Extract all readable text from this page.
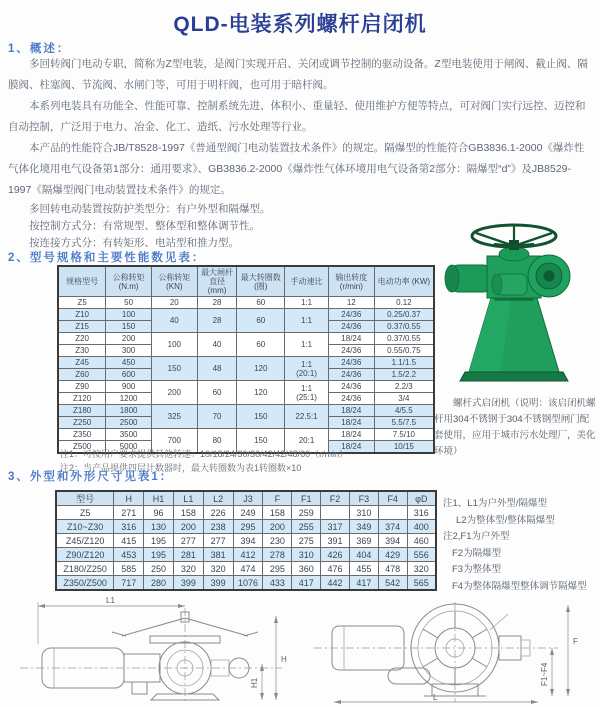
QLD-电装系列螺杆启闭机
1、概述：

多回转阀门电动专职，简称为Z型电装，是阀门实现开启、关闭或调节控制的驱动设备。Z型电装使用于闸阀、截止阀、隔膜阀、柱塞阀、节流阀、水闸门等，可用于明杆阀，也可用于暗杆阀。

本系列电装具有功能全、性能可靠、控制系统先进、体积小、重量轻、使用维护方便等特点，可对阀门实行远控、迈控和自动控制，广泛用于电力、冶金、化工、造纸、污水处理等行业。

本产品的性能符合JB/T8528-1997《普通型阀门电动装置技术条件》的规定。隔爆型的性能符合GB3836.1-2000《爆炸性气体化境用电气设备第1部分：通用要求》、GB3836.2-2000《爆炸性气体环境用电气设备第2部分：隔爆型“d”》及JB8529-1997《隔爆型阀门电动装置技术条件》的规定。

多回转电动装置按防护类型分：有户外型和隔爆型。

按控制方式分：有常规型、整体型和整体调节性。

按连接方式分：有转矩形、电站型和推力型。

2、型号规格和主要性能数见表：
规格型号	公称转矩 (N.m)	公称转矩 (KN)	最大闸杆直径 (mm)	最大转圈数 (圈)	手动速比	输出转度 (r/min)	电动功率 (KW)
Z5	50	20	28	60	1:1	12	0.12
Z10	100	40	28	60	1:1	24/36	0.25/0.37
Z15	150					24/36	0.37/0.55
Z20	200	100	40	60	1:1	18/24	0.37/0.55
Z30	300					24/36	0.55/0.75
Z45	450	150	48	120	1:1
(20:1)	24/36	1.1/1.5
Z60	600					24/36	1.5/2.2
Z90	900	200	60	120	1:1
(25:1)	24/36	2.2/3
Z120	1200					24/36	3/4
Z180	1800	325	70	150	22.5:1	18/24	4/5.5
Z250	2500					18/24	5.5/7.5
Z350	3500	700	80	150	20:1	18/24	7.5/10
Z500	5000					18/24	10/15
注1：可按用户要求提供其他转速：10/18/24/30/36/42/42/48/60（r/min）
注2：当产品提供四层计数器时，最大转圈数为表1转圈数×10
3、外型和外形尺寸见表1：
型号	H	H1	L1	L2	J3	F	F1	F2	F3	F4	φD
Z5	271	96	158	226	249	158	259		310		316
Z10~Z30	316	130	200	238	295	200	255	317	349	374	400
Z45/Z120	415	195	277	277	394	230	275	391	369	394	460
Z90/Z120	453	195	281	381	412	278	310	426	404	429	556
Z180/Z250	585	250	320	320	474	295	360	476	455	478	320
Z350/Z500	717	280	399	399	1076	433	417	442	417	542	565
注1、L1为户外型/隔爆型
L2为整体型/整体隔爆型
注2,F1为户外型
F2为隔爆型
F3为整体型
F4为整体隔爆型整体调节隔爆型
螺杆式启闭机（说明：该启闭机螺杆用304不锈钢于304不锈钢型闸门配套使用，应用于城市污水处理厂，美化环境）
L1
H
H1
F
F1~F4
L
